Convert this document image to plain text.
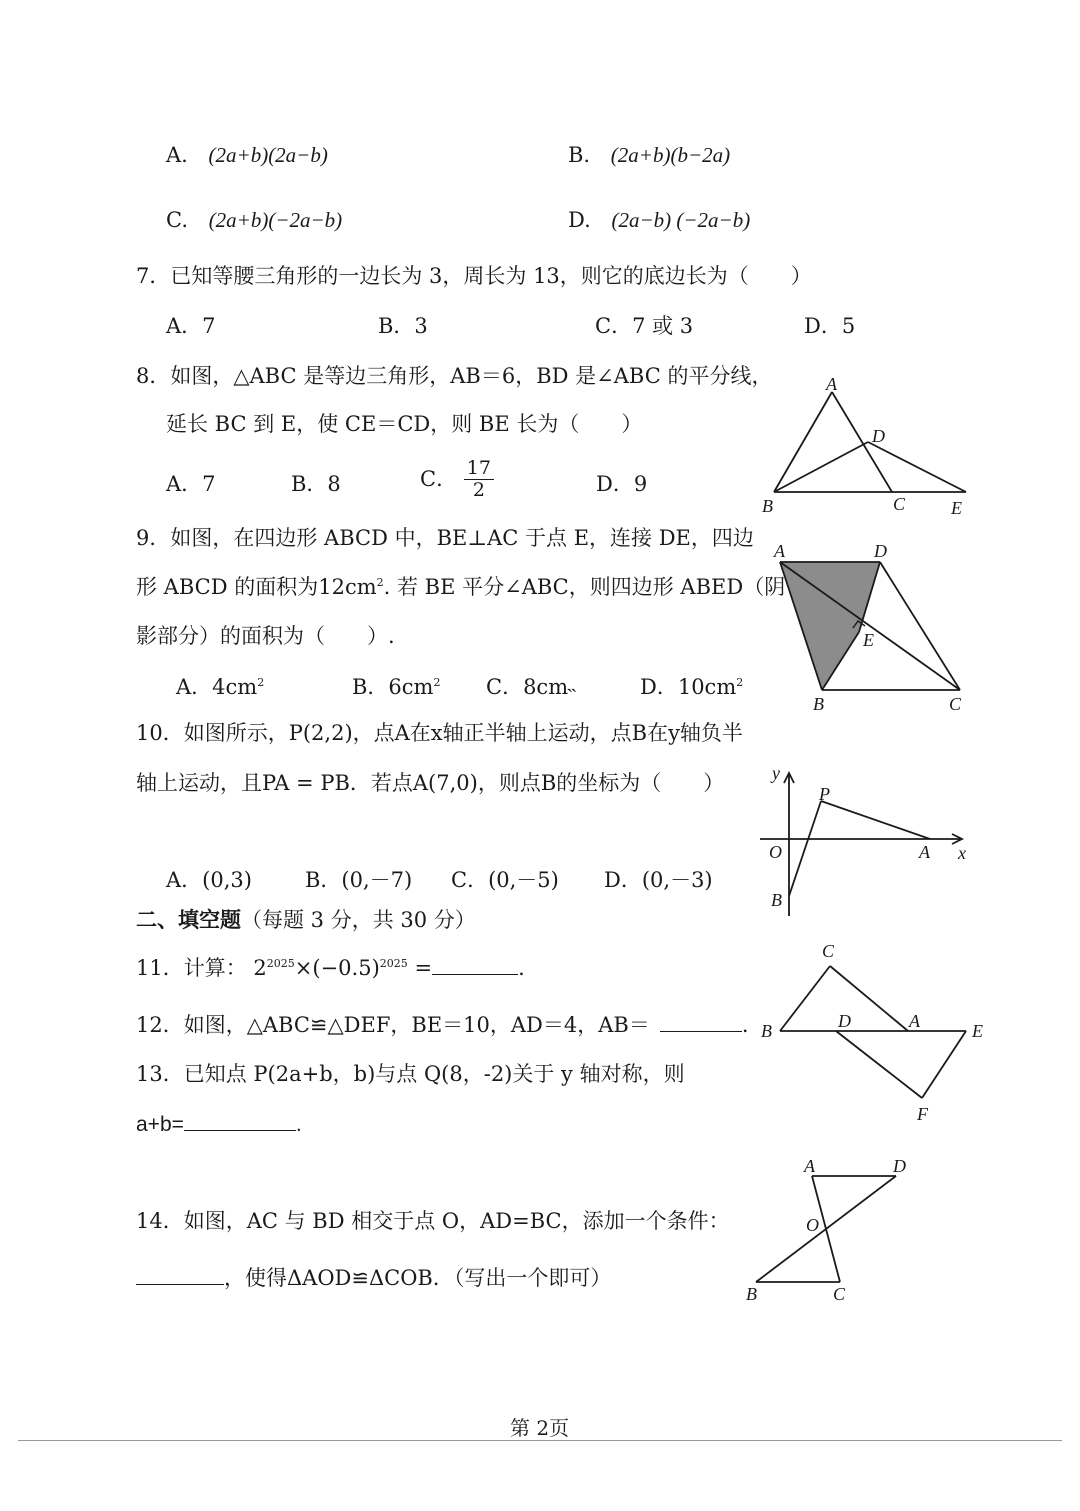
A. (2a+b)(2a−b)	B. (2a+b)(b−2a)
C. (2a+b)(−2a−b)	D. (2a−b) (−2a−b)
7．已知等腰三角形的一边长为 3，周长为 13，则它的底边长为（　　）
A．7	B．3	C．7 或 3	D．5
8．如图，△ABC 是等边三角形，AB＝6，BD 是∠ABC 的平分线，
延长 BC 到 E，使 CE＝CD，则 BE 长为（　　）
A．7	B．8	C． $\frac{17}{2}$	D．9
A
B	C
D
E
9．如图，在四边形 ABCD 中，BE⊥AC 于点 E，连接 DE，四边
形 ABCD 的面积为$12cm^2$. 若 BE 平分∠ABC，则四边形 ABED（阴
影部分）的面积为（　　）.
A．$4cm^2$	B．$6cm^2$ C．8cm˵	D．$10cm^2$
A	D
E
B	C
10．如图所示，P(2,2)，点A在x轴正半轴上运动，点B在y轴负半
轴上运动，且PA = PB．若点A(7,0)，则点B的坐标为（　　）
A．(0,3)	B．(0,－7) C．(0,－5) D．(0,－3)
y
x
O
P
A
B
二、填空题（每题 3 分，共 30 分）
11．计算： $2^{2025}\times(-0.5)^{2025}$ =	.
12．如图，△ABC≌△DEF，BE＝10，AD＝4，AB＝	. B
C
D	A	E
F
13．已知点 P(2a+b，b)与点 Q(8，-2)关于 y 轴对称，则
a+b=	.
14．如图，AC 与 BD 相交于点 O，AD=BC，添加一个条件：
，使得ΔAOD≌ΔCOB．（写出一个即可）
A	D
O
B	C
第 2页
